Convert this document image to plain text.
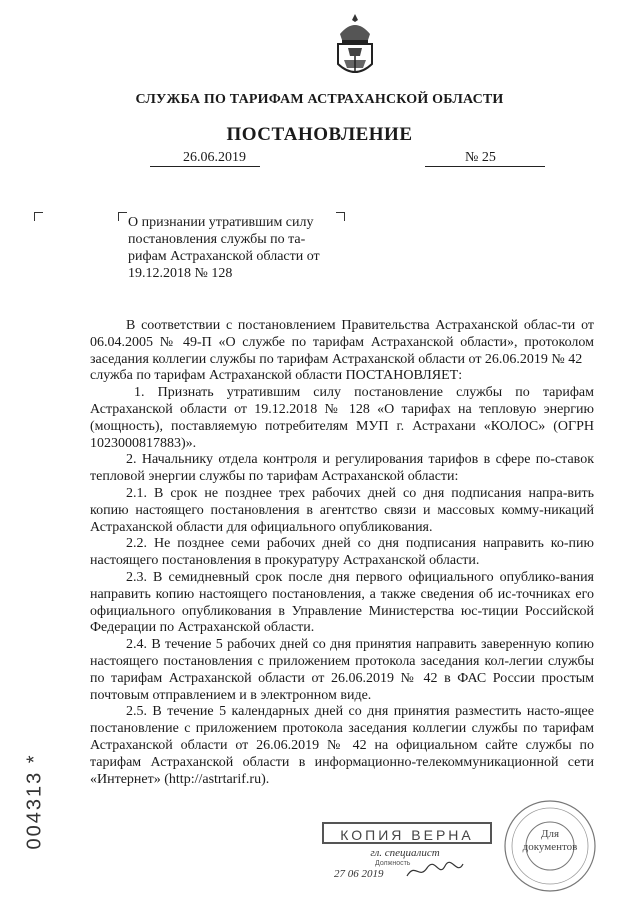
СЛУЖБА ПО ТАРИФАМ АСТРАХАНСКОЙ ОБЛАСТИ
ПОСТАНОВЛЕНИЕ
26.06.2019	№ 25
О признании утратившим силу
постановления службы по та-
рифам Астраханской области от
19.12.2018 № 128

В соответствии с постановлением Правительства Астраханской облас-ти от 06.04.2005 № 49-П «О службе по тарифам Астраханской области», протоколом заседания коллегии службы по тарифам Астраханской области от 26.06.2019 № 42

служба по тарифам Астраханской области ПОСТАНОВЛЯЕТ:

1. Признать утратившим силу постановление службы по тарифам Астраханской области от 19.12.2018 № 128 «О тарифах на тепловую энергию (мощность), поставляемую потребителям МУП г. Астрахани «КОЛОС» (ОГРН 1023000817883)».

2. Начальнику отдела контроля и регулирования тарифов в сфере по-ставок тепловой энергии службы по тарифам Астраханской области:

2.1. В срок не позднее трех рабочих дней со дня подписания напра-вить копию настоящего постановления в агентство связи и массовых комму-никаций Астраханской области для официального опубликования.

2.2. Не позднее семи рабочих дней со дня подписания направить ко-пию настоящего постановления в прокуратуру Астраханской области.

2.3. В семидневный срок после дня первого официального опублико-вания направить копию настоящего постановления, а также сведения об ис-точниках его официального опубликования в Управление Министерства юс-тиции Российской Федерации по Астраханской области.

2.4. В течение 5 рабочих дней со дня принятия направить заверенную копию настоящего постановления с приложением протокола заседания кол-легии службы по тарифам Астраханской области от 26.06.2019 № 42 в ФАС России простым почтовым отправлением и в электронном виде.

2.5. В течение 5 календарных дней со дня принятия разместить насто-ящее постановление с приложением протокола заседания коллегии службы по тарифам Астраханской области от 26.06.2019 № 42 на официальном сайте службы по тарифам Астраханской области в информационно-телекоммуникационной сети «Интернет» (http://astrtarif.ru).

КОПИЯ ВЕРНА
гл. специалист
Должность
27 06 2019
Для документов
004313 *
